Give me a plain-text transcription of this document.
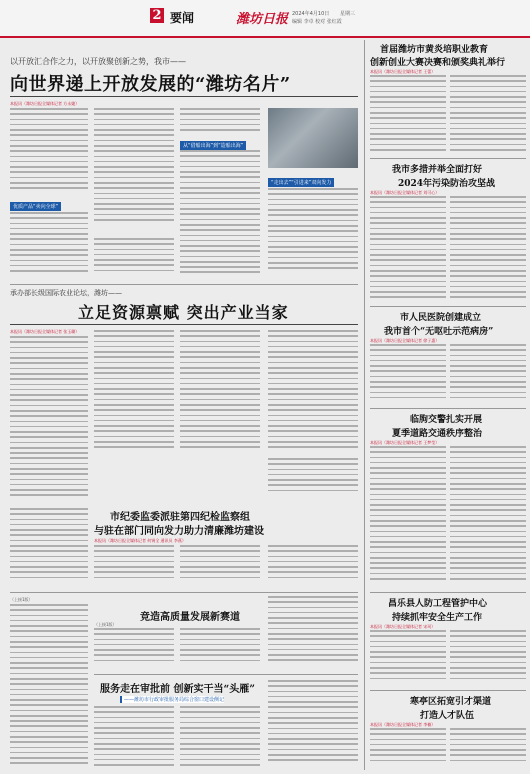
2 要闻	潍坊日报 2024年4月10日 星期三
编辑 李卓 校对 张红霞
以开放汇合作之力，以开放聚创新之势，我市——
向世界递上开放发展的“潍坊名片”
本报讯（潍坊日报全媒体记者 方永婕）
“走出去”“引进来”双向发力
从“借船出海”到“造船出海”
优质产品“卖向全球”
承办部长级国际农业论坛，潍坊——
立足资源禀赋 突出产业当家
本报讯（潍坊日报全媒体记者 张玉璐）
市纪委监委派驻第四纪检监察组
与驻在部门同向发力助力清廉潍坊建设
本报讯（潍坊日报全媒体记者 何锡全 通讯员 李燕）
（上接1版）
竞造高质量发展新赛道
（上接1版）
服务走在审批前 创新实干当“头雁”
——潍坊市行政审批服务局综合窗口建设侧记
首届潍坊市黄炎培职业教育
创新创业大赛决赛和颁奖典礼举行
本报讯（潍坊日报全媒体记者 王蕾）
我市多措并举全面打好
2024年污染防治攻坚战
本报讯（潍坊日报全媒体记者 刘可心）
市人民医院创建成立
我市首个“无呕吐示范病房”
本报讯（潍坊日报全媒体记者 徐子惠）
临朐交警扎实开展
夏季道路交通秩序整治
本报讯（潍坊日报全媒体记者 王梦莹）
昌乐县人防工程管护中心
持续抓牢安全生产工作
本报讯（潍坊日报全媒体记者 宋珂）
寒亭区拓宽引才渠道
打造人才队伍
本报讯（潍坊日报全媒体记者 李楠）
